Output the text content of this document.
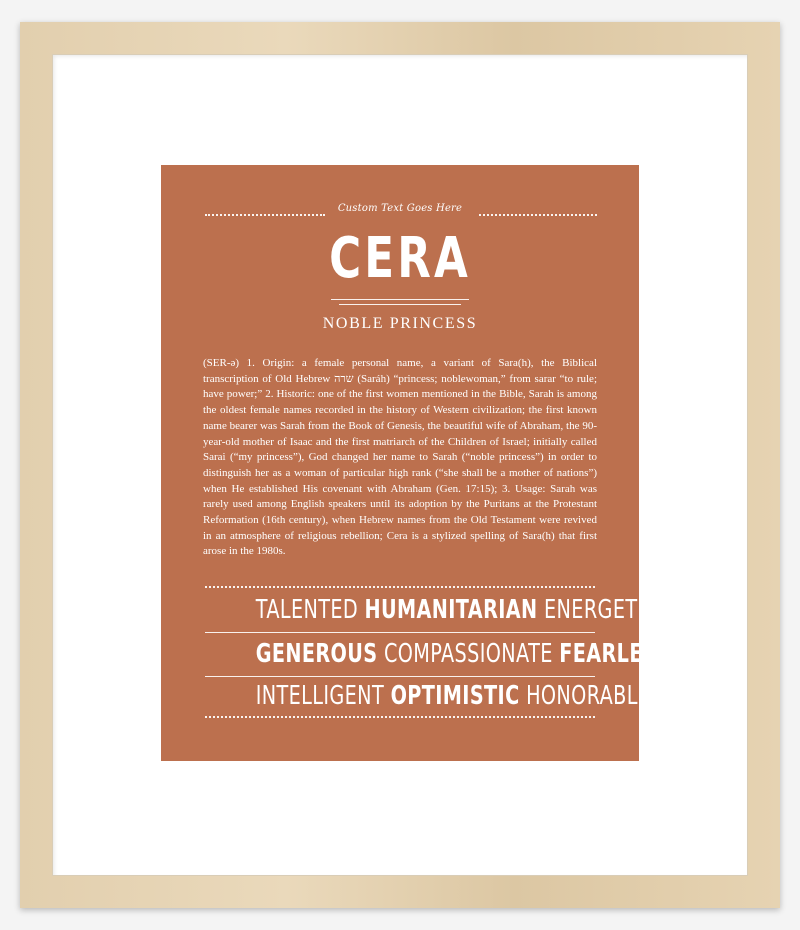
Custom Text Goes Here
CERA
NOBLE PRINCESS

(SER-ə) 1. Origin: a female personal name, a variant of Sara(h), the Biblical transcription of Old Hebrew שרה (Saráh) “princess; noblewoman,” from sarar “to rule; have power;” 2. Historic: one of the first women mentioned in the Bible, Sarah is among the oldest female names recorded in the history of Western civilization; the first known name bearer was Sarah from the Book of Genesis, the beautiful wife of Abraham, the 90-year-old mother of Isaac and the first matriarch of the Children of Israel; initially called Sarai (“my princess”), God changed her name to Sarah (“noble princess”) in order to distinguish her as a woman of particular high rank (“she shall be a mother of nations”) when He established His covenant with Abraham (Gen. 17:15); 3. Usage: Sarah was rarely used among English speakers until its adoption by the Puritans at the Protestant Reformation (16th century), when Hebrew names from the Old Testament were revived in an atmosphere of religious rebellion; Cera is a stylized spelling of Sara(h) that first arose in the 1980s.

TALENTED HUMANITARIAN ENERGETIC
GENEROUS COMPASSIONATE FEARLESS
INTELLIGENT OPTIMISTIC HONORABLE
